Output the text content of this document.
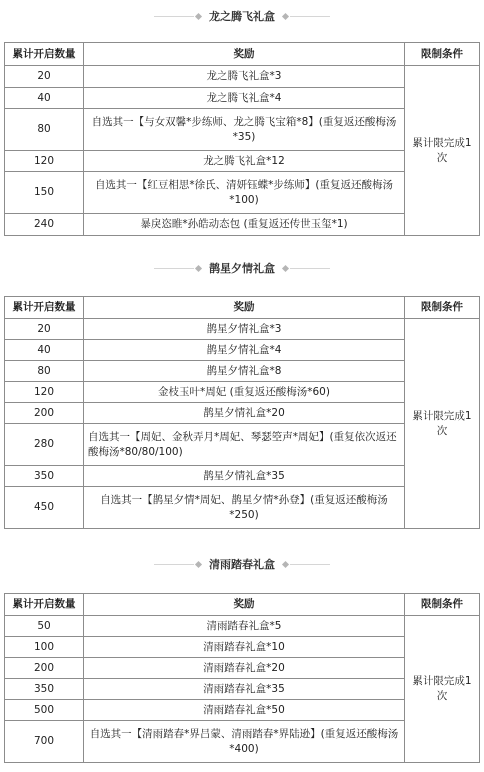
龙之腾飞礼盒
累计开启数量	奖励	限制条件
20	龙之腾飞礼盒*3	累计限完成1次
40	龙之腾飞礼盒*4	
80	自选其一【与女双馨*步练师、龙之腾飞宝箱*8】(重复返还酸梅汤*35)	
120	龙之腾飞礼盒*12	
150	自选其一【红豆相思*徐氏、清妍钰蝶*步练师】(重复返还酸梅汤*100)	
240	暴戾恣睢*孙皓动态包 (重复返还传世玉玺*1)	
鹊星夕情礼盒
累计开启数量	奖励	限制条件
20	鹊星夕情礼盒*3	累计限完成1次
40	鹊星夕情礼盒*4	
80	鹊星夕情礼盒*8	
120	金枝玉叶*周妃 (重复返还酸梅汤*60)	
200	鹊星夕情礼盒*20	
280	自选其一【周妃、金秋弄月*周妃、琴瑟箜声*周妃】(重复依次返还酸梅汤*80/80/100)	
350	鹊星夕情礼盒*35	
450	自选其一【鹊星夕情*周妃、鹊星夕情*孙登】(重复返还酸梅汤*250)	
清雨踏春礼盒
累计开启数量	奖励	限制条件
50	清雨踏春礼盒*5	累计限完成1次
100	清雨踏春礼盒*10	
200	清雨踏春礼盒*20	
350	清雨踏春礼盒*35	
500	清雨踏春礼盒*50	
700	自选其一【清雨踏春*界吕蒙、清雨踏春*界陆逊】(重复返还酸梅汤*400)	
